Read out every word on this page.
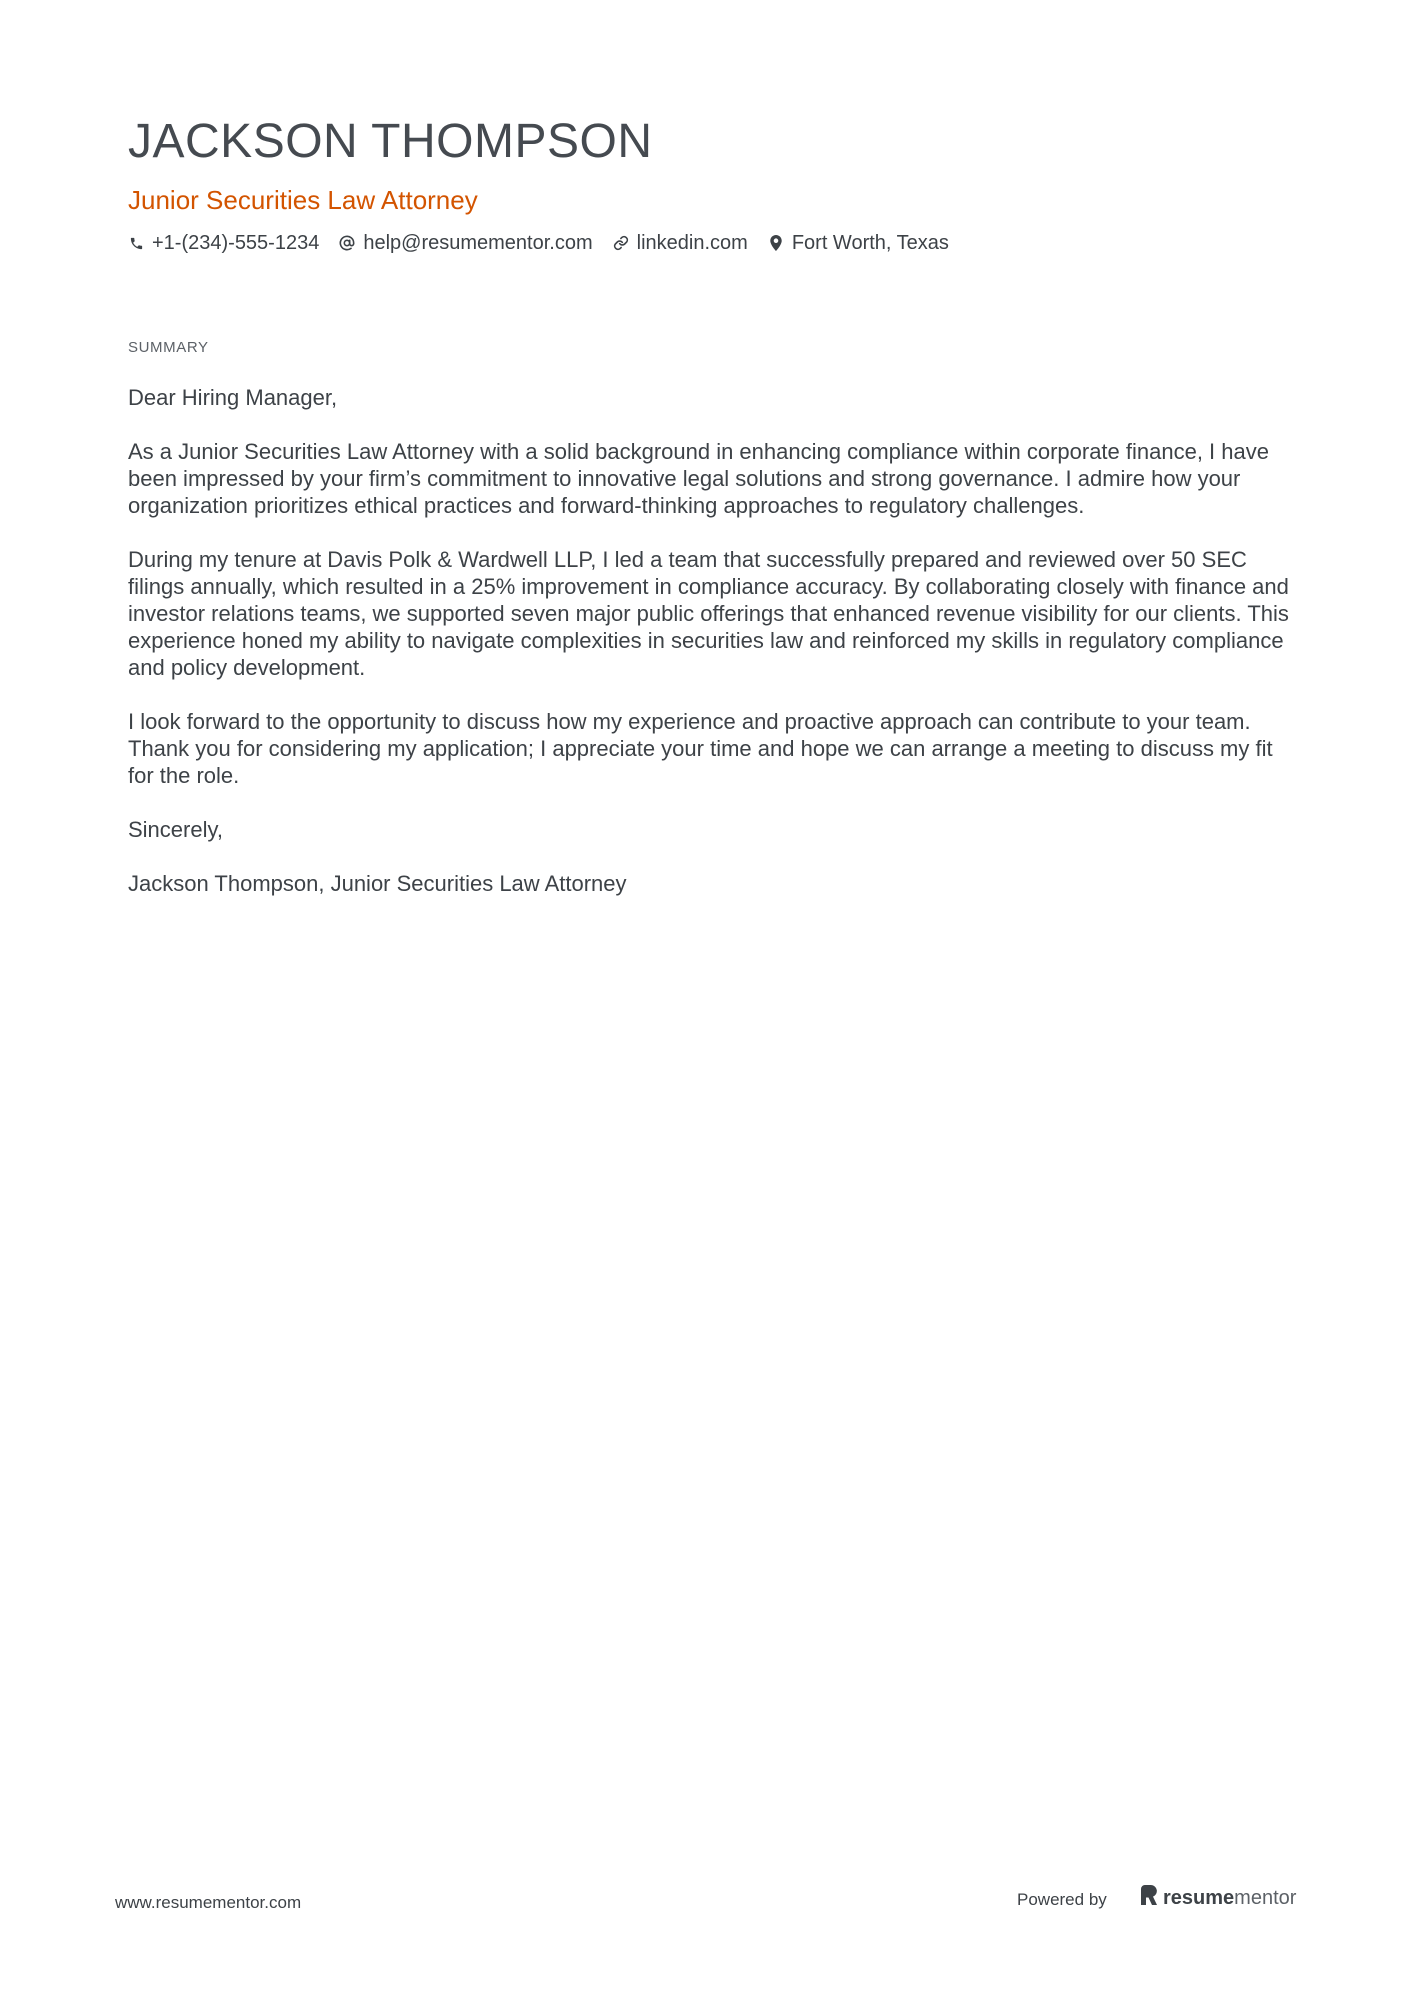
JACKSON THOMPSON
Junior Securities Law Attorney
+1-(234)-555-1234 help@resumementor.com linkedin.com Fort Worth, Texas
SUMMARY

Dear Hiring Manager,

As a Junior Securities Law Attorney with a solid background in enhancing compliance within corporate finance, I have been impressed by your firm’s commitment to innovative legal solutions and strong governance. I admire how your organization prioritizes ethical practices and forward-thinking approaches to regulatory challenges.

During my tenure at Davis Polk & Wardwell LLP, I led a team that successfully prepared and reviewed over 50 SEC filings annually, which resulted in a 25% improvement in compliance accuracy. By collaborating closely with finance and investor relations teams, we supported seven major public offerings that enhanced revenue visibility for our clients. This experience honed my ability to navigate complexities in securities law and reinforced my skills in regulatory compliance and policy development.

I look forward to the opportunity to discuss how my experience and proactive approach can contribute to your team. Thank you for considering my application; I appreciate your time and hope we can arrange a meeting to discuss my fit for the role.

Sincerely,

Jackson Thompson, Junior Securities Law Attorney

www.resumementor.com	Powered by	resumementor
